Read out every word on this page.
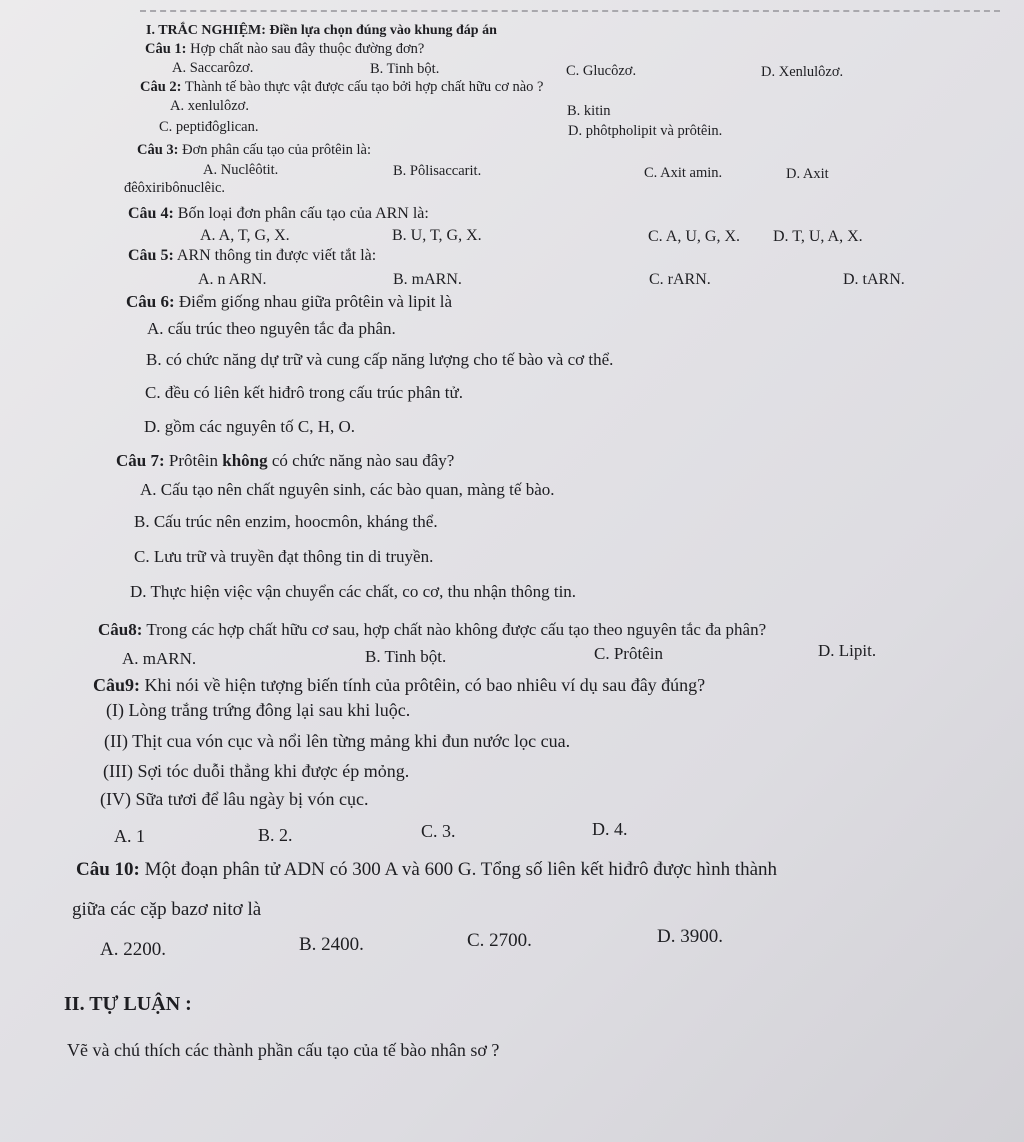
I. TRẮC NGHIỆM: Điền lựa chọn đúng vào khung đáp án
Câu 1: Hợp chất nào sau đây thuộc đường đơn?
A. Saccarôzơ.	B. Tinh bột.	C. Glucôzơ.	D. Xenlulôzơ.
Câu 2: Thành tế bào thực vật được cấu tạo bởi hợp chất hữu cơ nào ?
A. xenlulôzơ.	B. kitin
C. peptiđôglican.	D. phôtpholipit và prôtêin.
Câu 3: Đơn phân cấu tạo của prôtêin là:
A. Nuclêôtit.	B. Pôlisaccarit.	C. Axit amin.	D. Axit
đêôxiribônuclêic.
Câu 4: Bốn loại đơn phân cấu tạo của ARN là:
A. A, T, G, X.	B. U, T, G, X.	C. A, U, G, X. D. T, U, A, X.
Câu 5: ARN thông tin được viết tắt là:
A. n ARN.	B. mARN.	C. rARN.	D. tARN.
Câu 6: Điểm giống nhau giữa prôtêin và lipit là
A. cấu trúc theo nguyên tắc đa phân.
B. có chức năng dự trữ và cung cấp năng lượng cho tế bào và cơ thể.
C. đều có liên kết hiđrô trong cấu trúc phân tử.
D. gồm các nguyên tố C, H, O.
Câu 7: Prôtêin không có chức năng nào sau đây?
A. Cấu tạo nên chất nguyên sinh, các bào quan, màng tế bào.
B. Cấu trúc nên enzim, hoocmôn, kháng thể.
C. Lưu trữ và truyền đạt thông tin di truyền.
D. Thực hiện việc vận chuyển các chất, co cơ, thu nhận thông tin.
Câu8: Trong các hợp chất hữu cơ sau, hợp chất nào không được cấu tạo theo nguyên tắc đa phân?
A. mARN.	B. Tinh bột.	C. Prôtêin	D. Lipit.
Câu9: Khi nói về hiện tượng biến tính của prôtêin, có bao nhiêu ví dụ sau đây đúng?
(I) Lòng trắng trứng đông lại sau khi luộc.
(II) Thịt cua vón cục và nổi lên từng mảng khi đun nước lọc cua.
(III) Sợi tóc duỗi thẳng khi được ép mỏng.
(IV) Sữa tươi để lâu ngày bị vón cục.
A. 1	B. 2.	C. 3.	D. 4.
Câu 10: Một đoạn phân tử ADN có 300 A và 600 G. Tổng số liên kết hiđrô được hình thành
giữa các cặp bazơ nitơ là
A. 2200.	B. 2400.	C. 2700.	D. 3900.
II. TỰ LUẬN :
Vẽ và chú thích các thành phần cấu tạo của tế bào nhân sơ ?
